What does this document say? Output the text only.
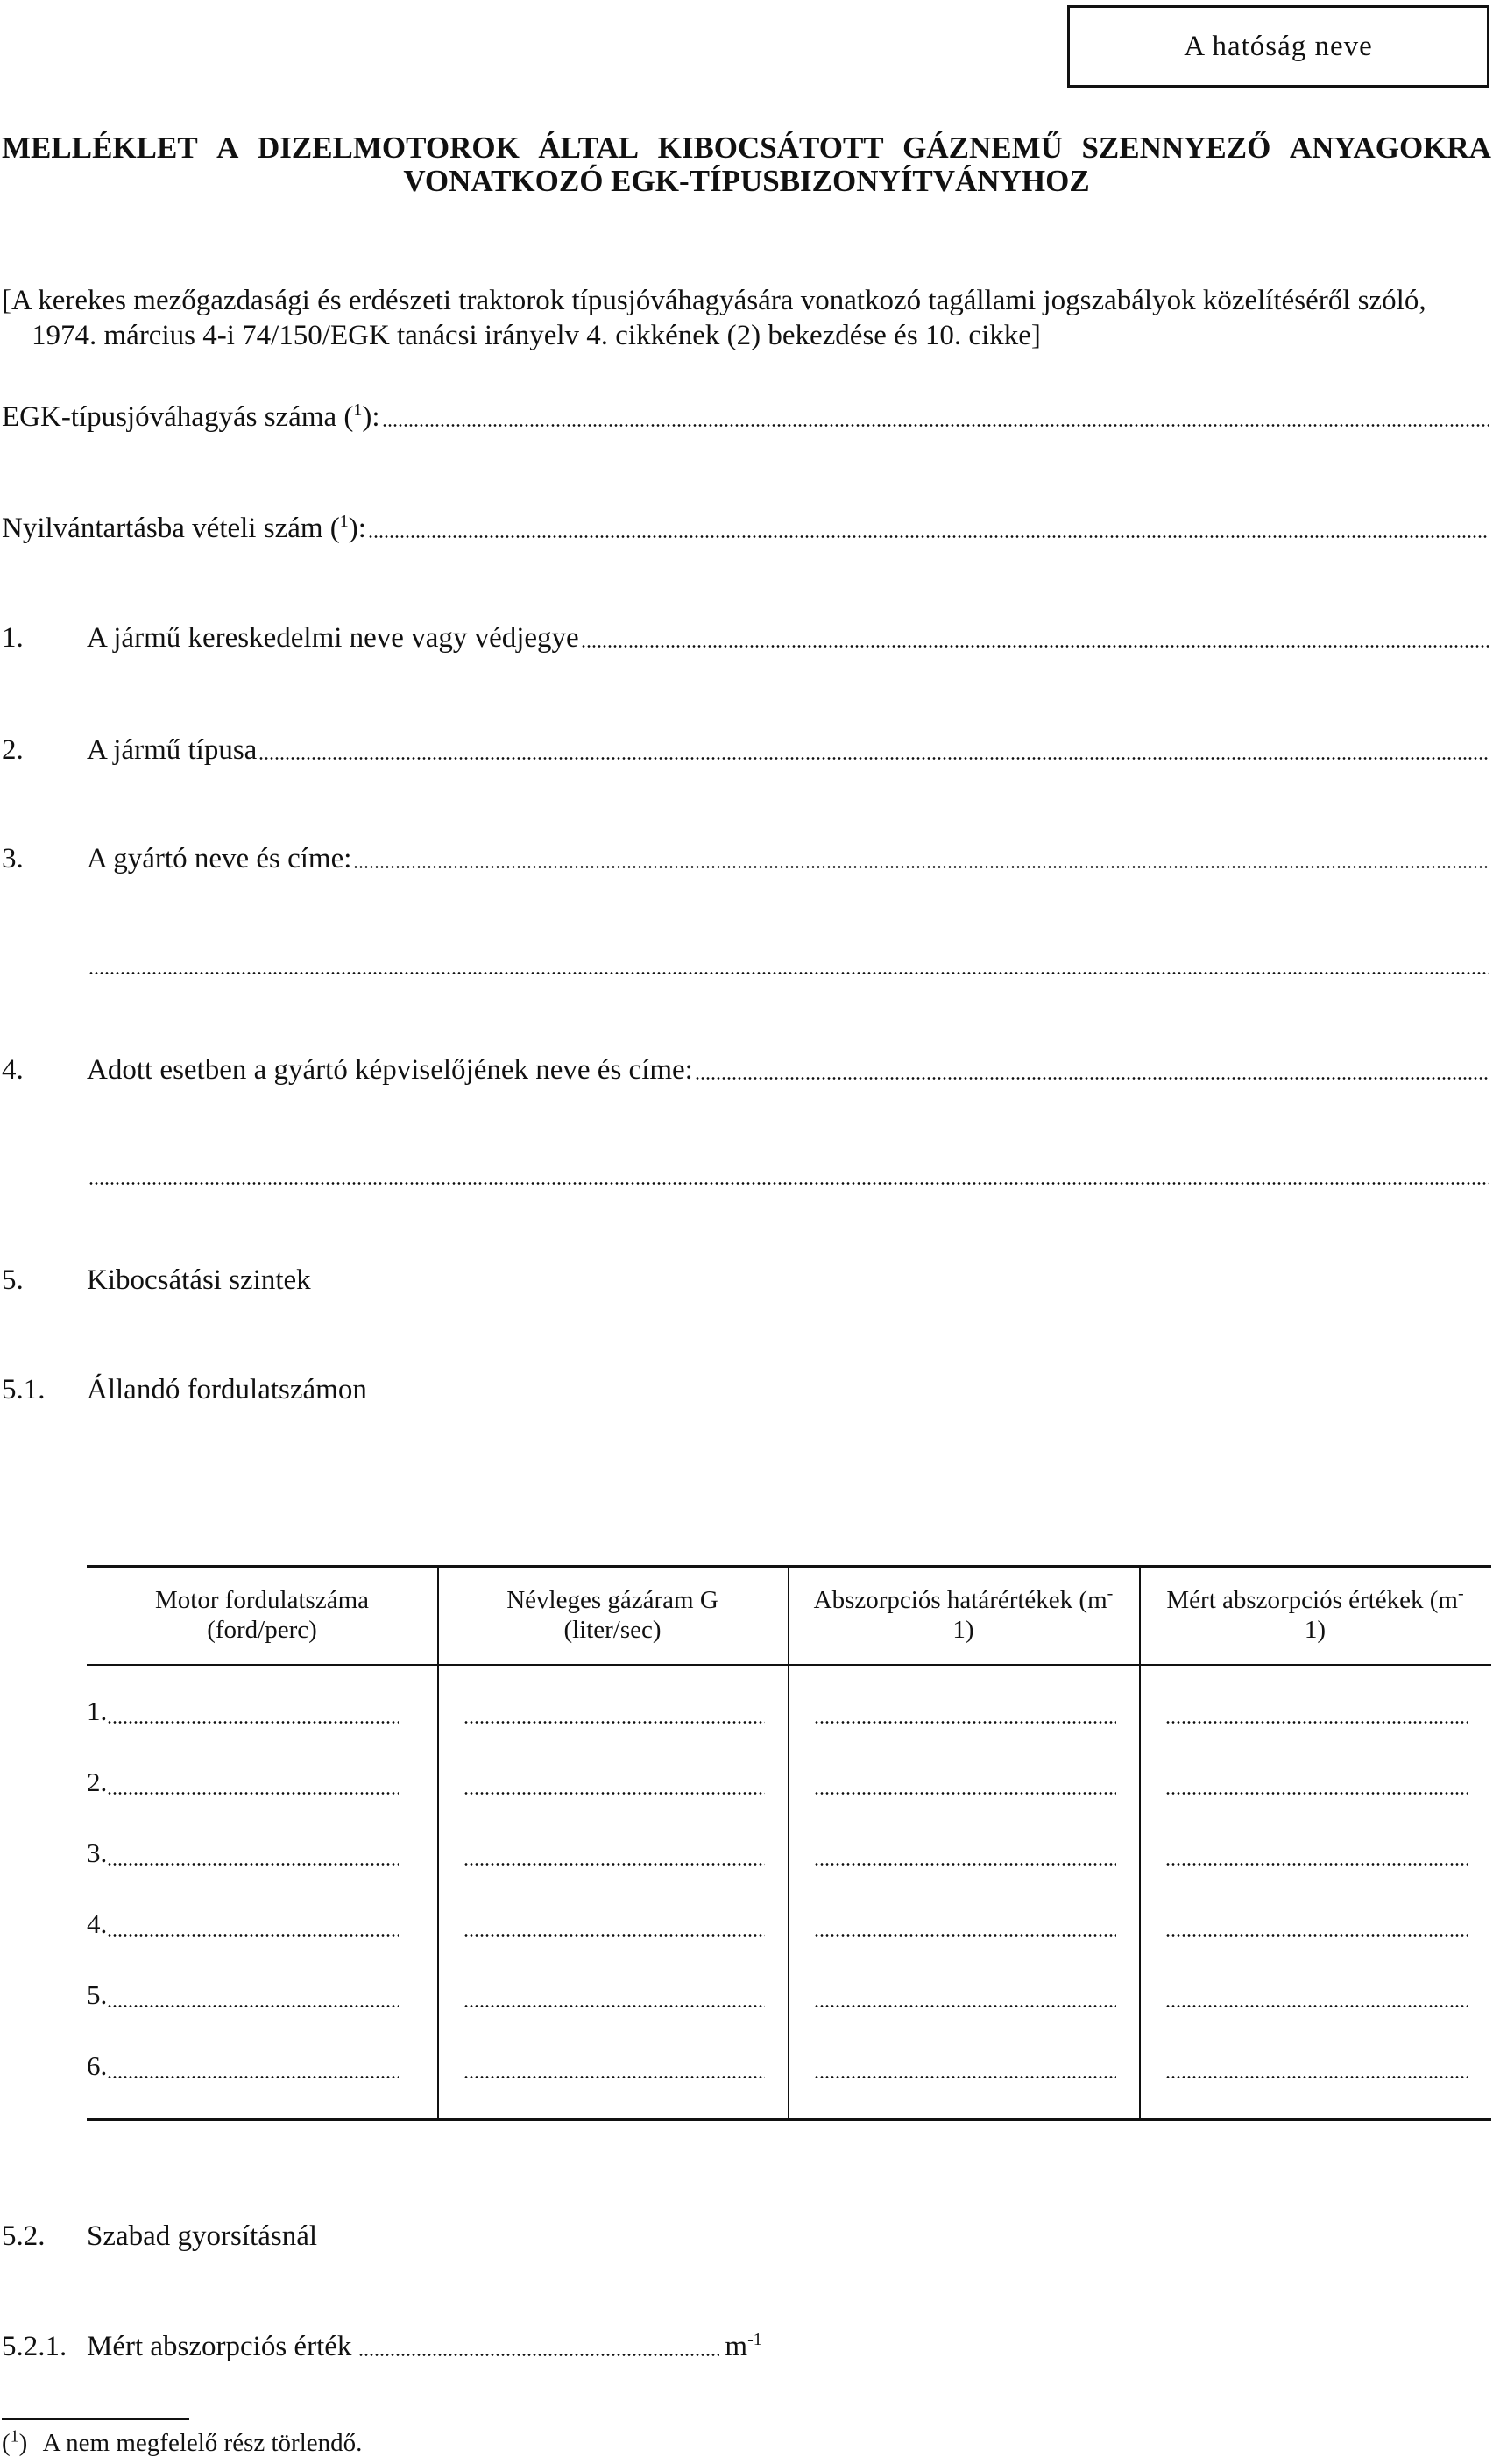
A hatóság neve
MELLÉKLET A DIZELMOTOROK ÁLTAL KIBOCSÁTOTT GÁZNEMŰ SZENNYEZŐ ANYAGOKRA
VONATKOZÓ EGK-TÍPUSBIZONYÍTVÁNYHOZ
[A kerekes mezőgazdasági és erdészeti traktorok típusjóváhagyására vonatkozó tagállami jogszabályok közelítéséről szóló,
1974. március 4-i 74/150/EGK tanácsi irányelv 4. cikkének (2) bekezdése és 10. cikke]
EGK-típusjóváhagyás száma ($^1$):
Nyilvántartásba vételi szám ($^1$):
1. A jármű kereskedelmi neve vagy védjegye
2. A jármű típusa
3. A gyártó neve és címe:
4. Adott esetben a gyártó képviselőjének neve és címe:
5. Kibocsátási szintek
5.1. Állandó fordulatszámon
Motor fordulatszáma
(ford/perc)
Névleges gázáram G
(liter/sec)
Abszorpciós határértékek (m-
1)
Mért abszorpciós értékek (m-
1)
1.
2.
3.
4.
5.
6.
5.2. Szabad gyorsításnál
5.2.1. Mért abszorpciós érték	$m^{-1}$
($^1$) A nem megfelelő rész törlendő.
